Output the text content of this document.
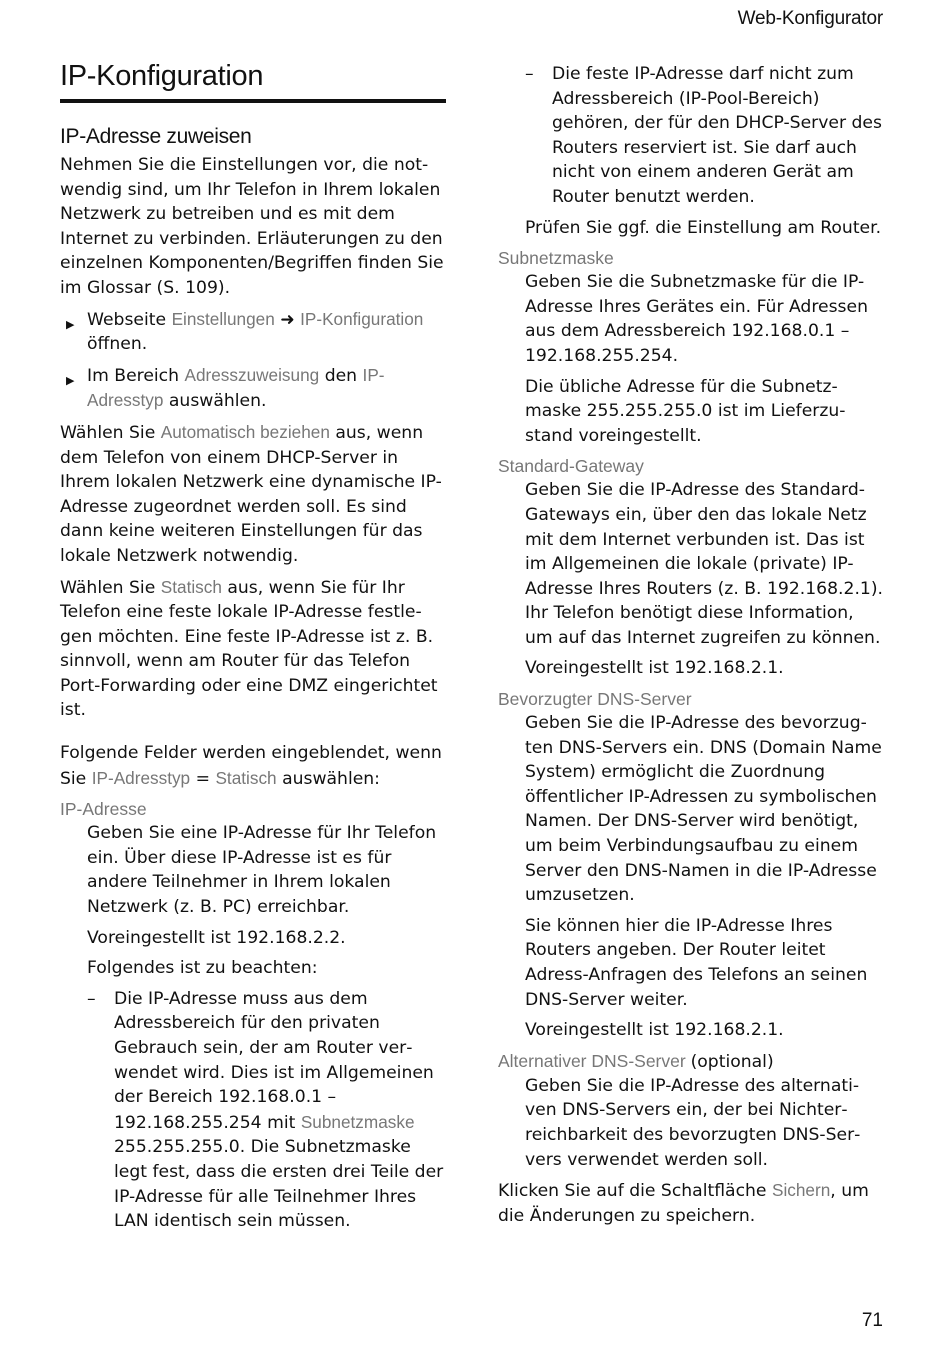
Web-Konfigurator
IP-Konfiguration
IP-Adresse zuweisen

Nehmen Sie die Einstellungen vor, die notwendig sind, um Ihr Telefon in Ihrem lokalen Netzwerk zu betreiben und es mit dem Internet zu verbinden. Erläuterungen zu den einzelnen Komponenten/Begriffen finden Sie im Glossar (S. 109).

▶ Webseite Einstellungen ➜ IP-Konfiguration öffnen.
▶ Im Bereich Adresszuweisung den IP-Adresstyp auswählen.

Wählen Sie Automatisch beziehen aus, wenn dem Telefon von einem DHCP-Server in Ihrem lokalen Netzwerk eine dynamische IP-Adresse zugeordnet werden soll. Es sind dann keine weiteren Einstellungen für das lokale Netzwerk notwendig.

Wählen Sie Statisch aus, wenn Sie für Ihr Telefon eine feste lokale IP-Adresse festlegen möchten. Eine feste IP-Adresse ist z. B. sinnvoll, wenn am Router für das Telefon Port-Forwarding oder eine DMZ eingerichtet ist.

Folgende Felder werden eingeblendet, wenn Sie IP-Adresstyp = Statisch auswählen:

IP-Adresse

Geben Sie eine IP-Adresse für Ihr Telefon ein. Über diese IP-Adresse ist es für andere Teilnehmer in Ihrem lokalen Netzwerk (z. B. PC) erreichbar.

Voreingestellt ist 192.168.2.2.

Folgendes ist zu beachten:

– Die IP-Adresse muss aus dem Adressbereich für den privaten Gebrauch sein, der am Router verwendet wird. Dies ist im Allgemeinen der Bereich 192.168.0.1 – 192.168.255.254 mit Subnetzmaske 255.255.255.0. Die Subnetzmaske legt fest, dass die ersten drei Teile der IP-Adresse für alle Teilnehmer Ihres LAN identisch sein müssen.
– Die feste IP-Adresse darf nicht zum Adressbereich (IP-Pool-Bereich) gehören, der für den DHCP-Server des Routers reserviert ist. Sie darf auch nicht von einem anderen Gerät am Router benutzt werden.

Prüfen Sie ggf. die Einstellung am Router.

Subnetzmaske

Geben Sie die Subnetzmaske für die IP-Adresse Ihres Gerätes ein. Für Adressen aus dem Adressbereich 192.168.0.1 – 192.168.255.254.

Die übliche Adresse für die Subnetzmaske 255.255.255.0 ist im Lieferzustand voreingestellt.

Standard-Gateway

Geben Sie die IP-Adresse des Standard-Gateways ein, über den das lokale Netz mit dem Internet verbunden ist. Das ist im Allgemeinen die lokale (private) IP-Adresse Ihres Routers (z. B. 192.168.2.1). Ihr Telefon benötigt diese Information, um auf das Internet zugreifen zu können.

Voreingestellt ist 192.168.2.1.

Bevorzugter DNS-Server

Geben Sie die IP-Adresse des bevorzugten DNS-Servers ein. DNS (Domain Name System) ermöglicht die Zuordnung öffentlicher IP-Adressen zu symbolischen Namen. Der DNS-Server wird benötigt, um beim Verbindungsaufbau zu einem Server den DNS-Namen in die IP-Adresse umzusetzen.

Sie können hier die IP-Adresse Ihres Routers angeben. Der Router leitet Adress-Anfragen des Telefons an seinen DNS-Server weiter.

Voreingestellt ist 192.168.2.1.

Alternativer DNS-Server (optional)

Geben Sie die IP-Adresse des alternativen DNS-Servers ein, der bei Nichterreichbarkeit des bevorzugten DNS-Servers verwendet werden soll.

Klicken Sie auf die Schaltfläche Sichern, um die Änderungen zu speichern.

71
